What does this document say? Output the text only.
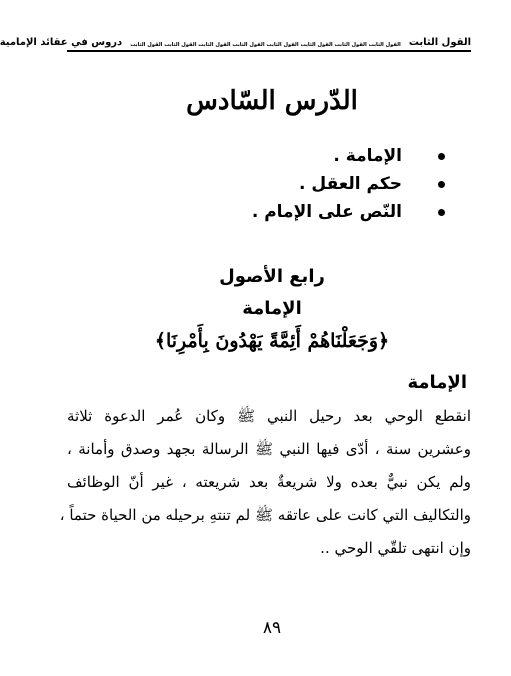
القول الثابت
القول الثابت القول الثابت القول الثابت القول الثابت القول الثابت القول الثابت القول الثابت القول الثابت
دروس في عقائد الإمامية
الدّرس السّادس
الإمامة .
حكم العقل .
النّص على الإمام .
رابع الأصول
الإمامة
﴿وَجَعَلْنَاهُمْ أَئِمَّةً يَهْدُونَ بِأَمْرِنَا﴾
الإمامة
انقطع الوحي بعد رحيل النبي ﷺ وكان عُمر الدعوة ثلاثة
وعشرين سنة ، أدّى فيها النبي ﷺ الرسالة بجهد وصدق وأمانة ،
ولم يكن نبيٌّ بعده ولا شريعةٌ بعد شريعته ، غير أنّ الوظائف
والتكاليف التي كانت على عاتقه ﷺ لم تنتهِ برحيله من الحياة حتماً ،
وإن انتهى تلقّي الوحي ..
٨٩
